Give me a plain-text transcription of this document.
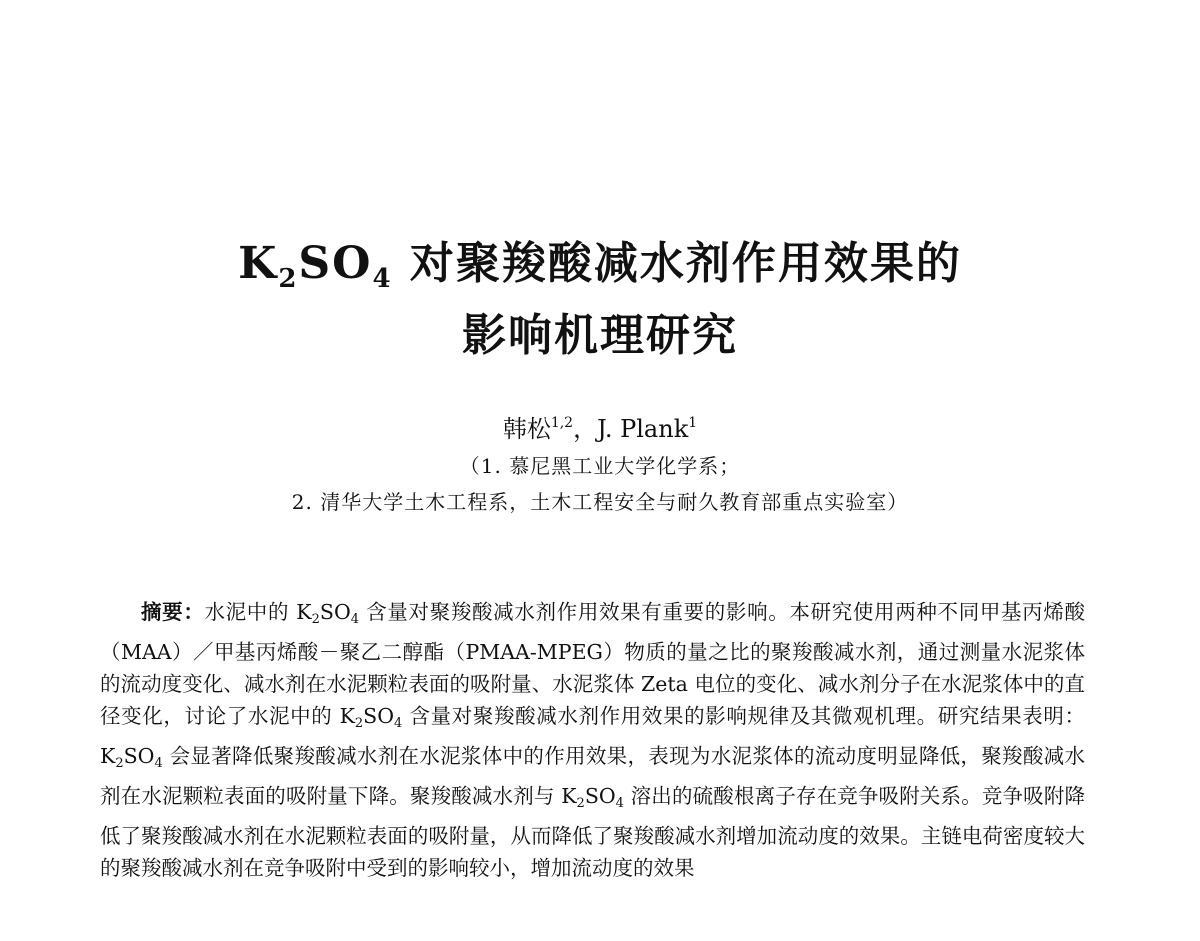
$K_2SO_4$ 对聚羧酸减水剂作用效果的
影响机理研究
韩松$^{1,2}$，J. Plank$^1$
（1. 慕尼黑工业大学化学系；
2. 清华大学土木工程系，土木工程安全与耐久教育部重点实验室）

摘要：水泥中的 $K_2SO_4$ 含量对聚羧酸减水剂作用效果有重要的影响。本研究使用两种不同甲基丙烯酸（MAA）／甲基丙烯酸－聚乙二醇酯（PMAA-MPEG）物质的量之比的聚羧酸减水剂，通过测量水泥浆体的流动度变化、减水剂在水泥颗粒表面的吸附量、水泥浆体 Zeta 电位的变化、减水剂分子在水泥浆体中的直径变化，讨论了水泥中的 $K_2SO_4$ 含量对聚羧酸减水剂作用效果的影响规律及其微观机理。研究结果表明：$K_2SO_4$ 会显著降低聚羧酸减水剂在水泥浆体中的作用效果，表现为水泥浆体的流动度明显降低，聚羧酸减水剂在水泥颗粒表面的吸附量下降。聚羧酸减水剂与 $K_2SO_4$ 溶出的硫酸根离子存在竞争吸附关系。竞争吸附降低了聚羧酸减水剂在水泥颗粒表面的吸附量，从而降低了聚羧酸减水剂增加流动度的效果。主链电荷密度较大的聚羧酸减水剂在竞争吸附中受到的影响较小，增加流动度的效果
